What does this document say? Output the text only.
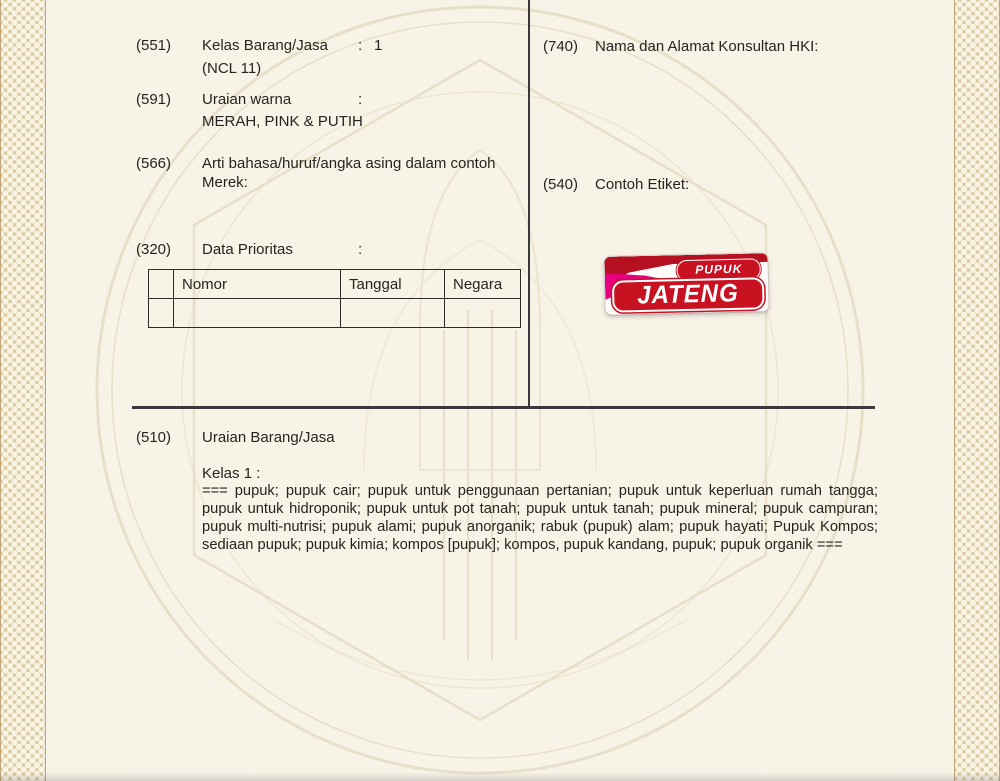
(551) Kelas Barang/Jasa : 1
(NCL 11)
(591) Uraian warna	:
MERAH, PINK & PUTIH
(566) Arti bahasa/huruf/angka asing dalam contoh
Merek:
(320) Data Prioritas	:
	Nomor	Tanggal	Negara

(740) Nama dan Alamat Konsultan HKI:
(540) Contoh Etiket:
PUPUK
JATENG
(510) Uraian Barang/Jasa
Kelas 1 :
=== pupuk; pupuk cair; pupuk untuk penggunaan pertanian; pupuk untuk keperluan rumah tangga; pupuk untuk hidroponik; pupuk untuk pot tanah; pupuk untuk tanah; pupuk mineral; pupuk campuran; pupuk multi-nutrisi; pupuk alami; pupuk anorganik; rabuk (pupuk) alam; pupuk hayati; Pupuk Kompos; sediaan pupuk; pupuk kimia; kompos [pupuk]; kompos, pupuk kandang, pupuk; pupuk organik ===
